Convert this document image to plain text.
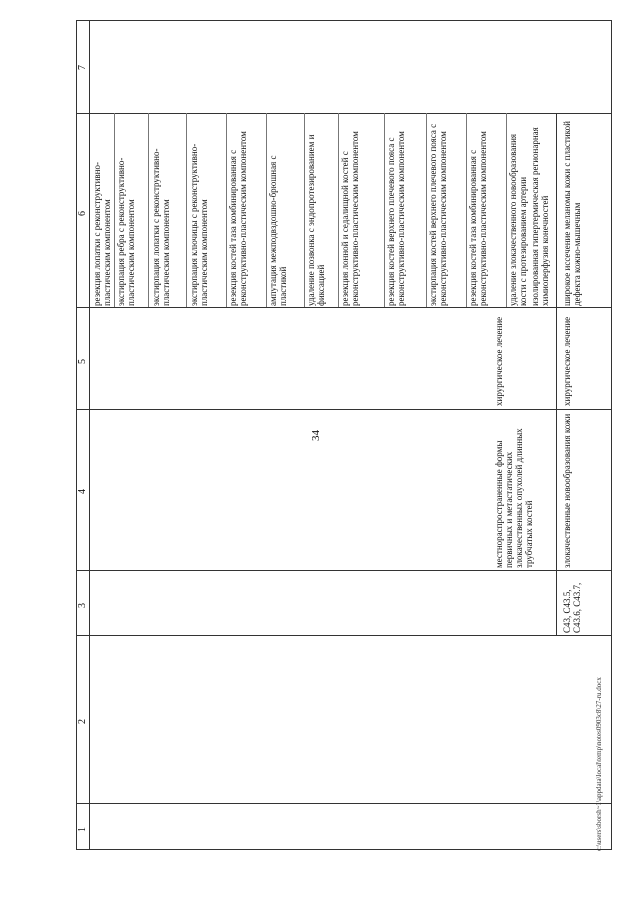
34
7
6
5
4
3
2
1
резекция лопатки с реконструктивно-пластическим компонентом экстирпация ребра с реконструктивно-пластическим компонентом экстирпация лопатки с реконструктивно-пластическим компонентом экстирпация ключицы с реконструктивно-пластическим компонентом резекция костей таза комбинированная с реконструктивно-пластическим компонентом ампутация межподвздошно-брюшная с пластикой удаление позвонка с эндопротезированием и фиксацией резекция лонной и седалищной костей с реконструктивно-пластическим компонентом	резекция костей верхнего плечевого пояса с реконструктивно-пластическим компонентом экстирпация костей верхнего плечевого пояса с реконструктивно-пластическим компонентом резекция костей таза комбинированная с реконструктивно-пластическим компонентом удаление злокачественного новообразования кости с протезированием артерии изолированная гипертермическая регионарная химиоперфузия конечностей
хирургическое лечение
местнораспространенные формы первичных и метастатических злокачественных опухолей длинных трубчатых костей
широкое иссечение меланомы кожи с пластикой дефекта кожно-мышечным
хирургическое лечение
злокачественные новообразования кожи
C43, C43.5, C43.6, C43.7,
c:\users\sborsh~1\appdata\local\temp\notes0903c8\27-ru.docx
